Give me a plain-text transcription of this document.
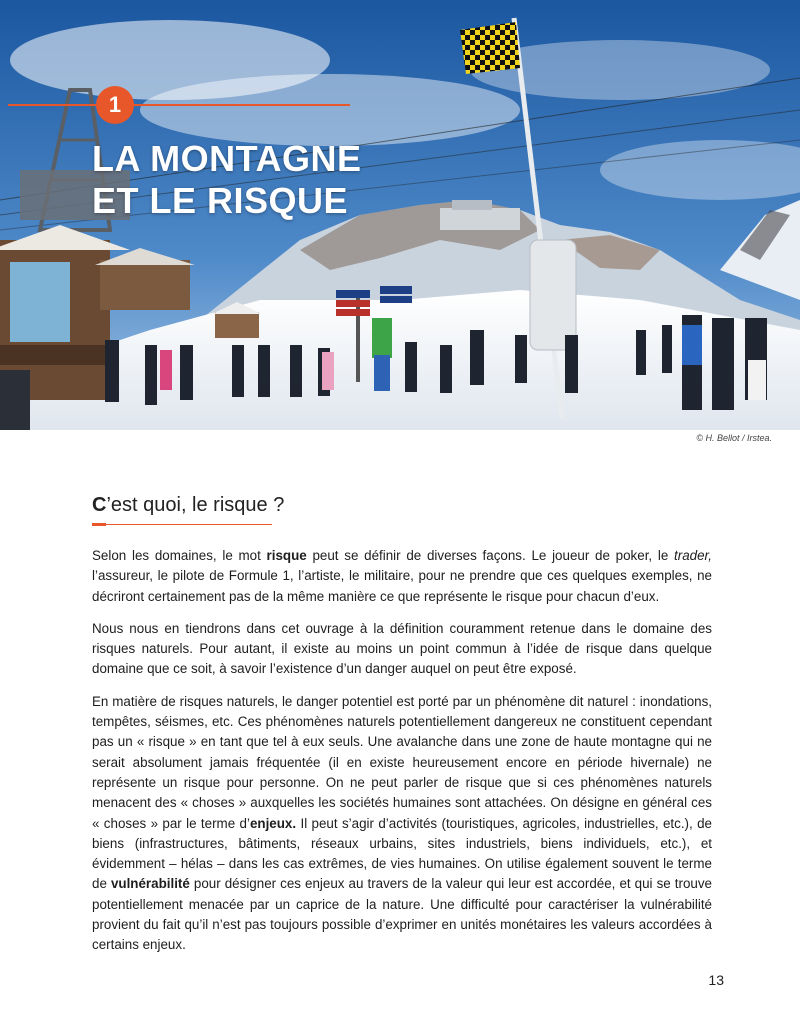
1
LA MONTAGNE
ET LE RISQUE
© H. Bellot / Irstea.
C’est quoi, le risque ?

Selon les domaines, le mot risque peut se définir de diverses façons. Le joueur de poker, le trader, l’assureur, le pilote de Formule 1, l’artiste, le militaire, pour ne prendre que ces quelques exemples, ne décriront certainement pas de la même manière ce que représente le risque pour chacun d’eux.

Nous nous en tiendrons dans cet ouvrage à la définition couramment retenue dans le domaine des risques naturels. Pour autant, il existe au moins un point commun à l’idée de risque dans quelque domaine que ce soit, à savoir l’existence d’un danger auquel on peut être exposé.

En matière de risques naturels, le danger potentiel est porté par un phénomène dit naturel : inondations, tempêtes, séismes, etc. Ces phénomènes naturels potentiellement dangereux ne constituent cependant pas un « risque » en tant que tel à eux seuls. Une avalanche dans une zone de haute montagne qui ne serait absolument jamais fréquentée (il en existe heureusement encore en période hivernale) ne représente un risque pour personne. On ne peut parler de risque que si ces phénomènes naturels menacent des « choses » auxquelles les sociétés humaines sont attachées. On désigne en général ces « choses » par le terme d’enjeux. Il peut s’agir d’activités (touristiques, agricoles, industrielles, etc.), de biens (infrastructures, bâtiments, réseaux urbains, sites industriels, biens individuels, etc.), et évidemment – hélas – dans les cas extrêmes, de vies humaines. On utilise également souvent le terme de vulnérabilité pour désigner ces enjeux au travers de la valeur qui leur est accordée, et qui se trouve potentiellement menacée par un caprice de la nature. Une difficulté pour caractériser la vulnérabilité provient du fait qu’il n’est pas toujours possible d’exprimer en unités monétaires les valeurs accordées à certains enjeux.

13
